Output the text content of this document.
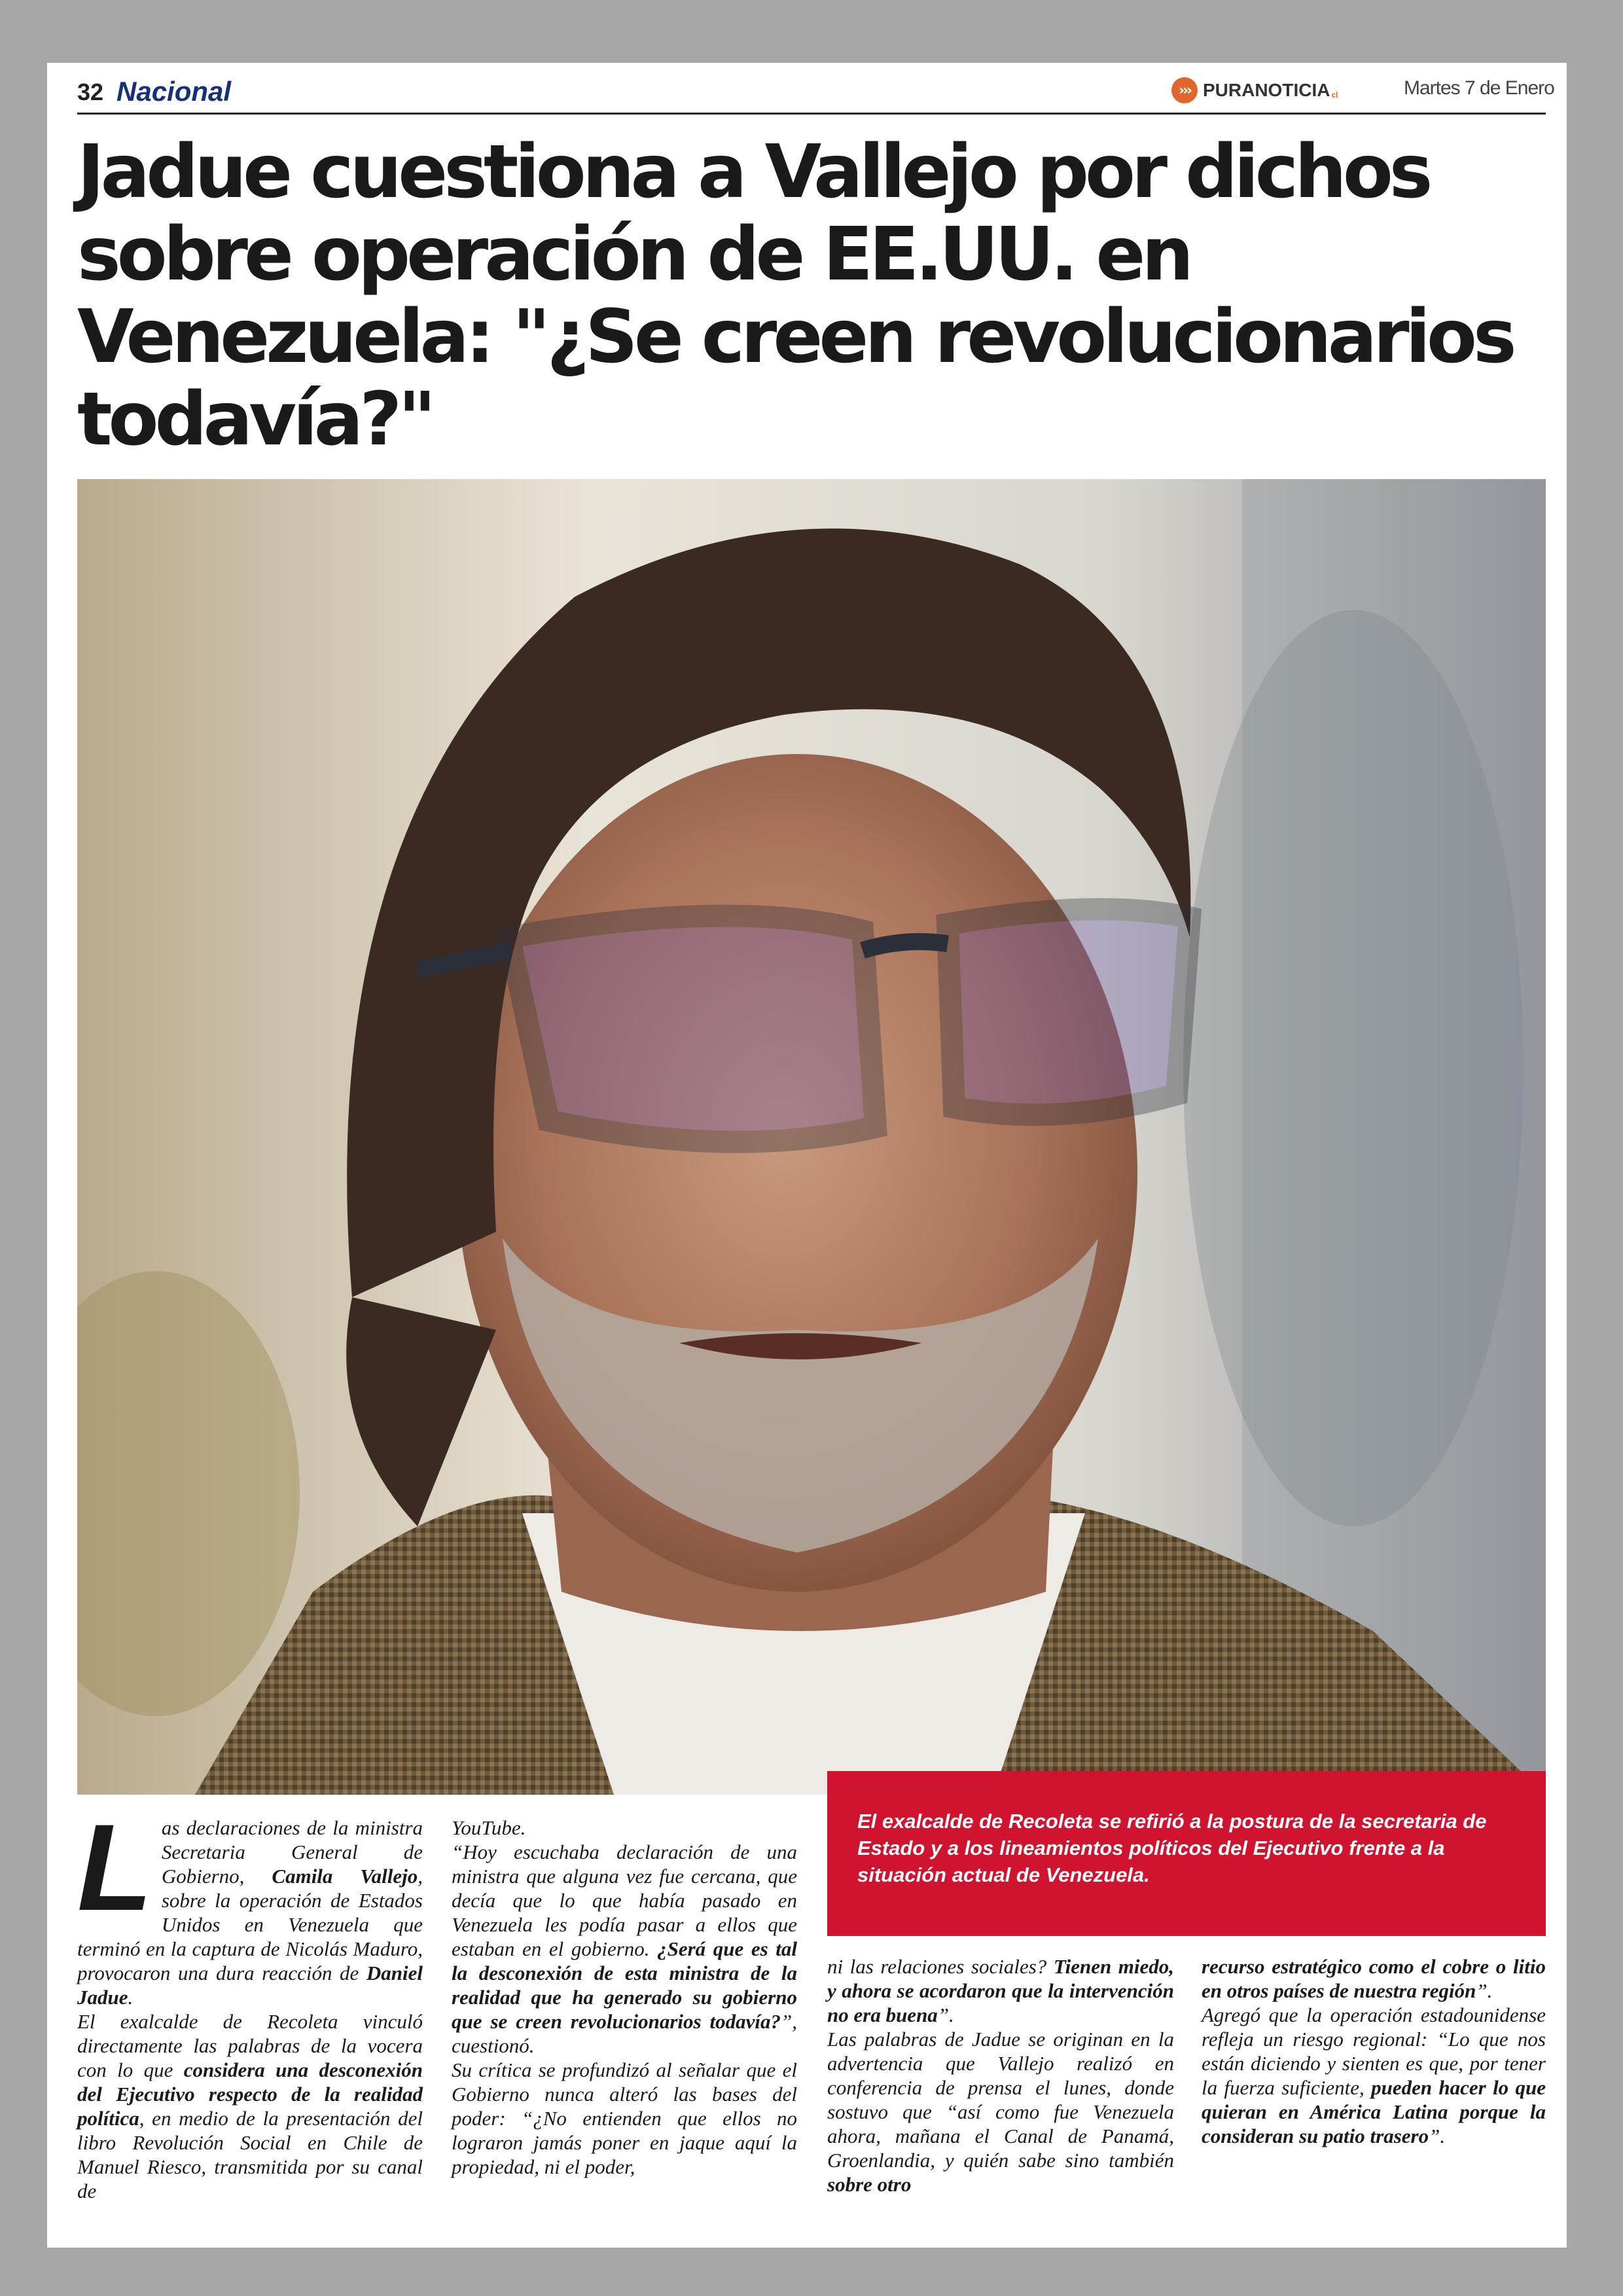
32 Nacional	››› PURANOTICIA cl	Martes 7 de Enero
Jadue cuestiona a Vallejo por dichos sobre operación de EE.UU. en Venezuela: "¿Se creen revolucionarios todavía?"
El exalcalde de Recoleta se refirió a la postura de la secretaria de Estado y a los lineamientos políticos del Ejecutivo frente a la situación actual de Venezuela.

Las declaraciones de la ministra Secretaria General de Gobierno, Camila Vallejo, sobre la operación de Estados Unidos en Venezuela que terminó en la captura de Nicolás Maduro, provocaron una dura reacción de Daniel Jadue.

El exalcalde de Recoleta vinculó directamente las palabras de la vocera con lo que considera una desconexión del Ejecutivo respecto de la realidad política, en medio de la presentación del libro Revolución Social en Chile de Manuel Riesco, transmitida por su canal de

YouTube.

“Hoy escuchaba declaración de una ministra que alguna vez fue cercana, que decía que lo que había pasado en Venezuela les podía pasar a ellos que estaban en el gobierno. ¿Será que es tal la desconexión de esta ministra de la realidad que ha generado su gobierno que se creen revolucionarios todavía?”, cuestionó.

Su crítica se profundizó al señalar que el Gobierno nunca alteró las bases del poder: “¿No entienden que ellos no lograron jamás poner en jaque aquí la propiedad, ni el poder,

ni las relaciones sociales? Tienen miedo, y ahora se acordaron que la intervención no era buena”.

Las palabras de Jadue se originan en la advertencia que Vallejo realizó en conferencia de prensa el lunes, donde sostuvo que “así como fue Venezuela ahora, mañana el Canal de Panamá, Groenlandia, y quién sabe sino también sobre otro

recurso estratégico como el cobre o litio en otros países de nuestra región”.

Agregó que la operación estadounidense refleja un riesgo regional: “Lo que nos están diciendo y sienten es que, por tener la fuerza suficiente, pueden hacer lo que quieran en América Latina porque la consideran su patio trasero”.
